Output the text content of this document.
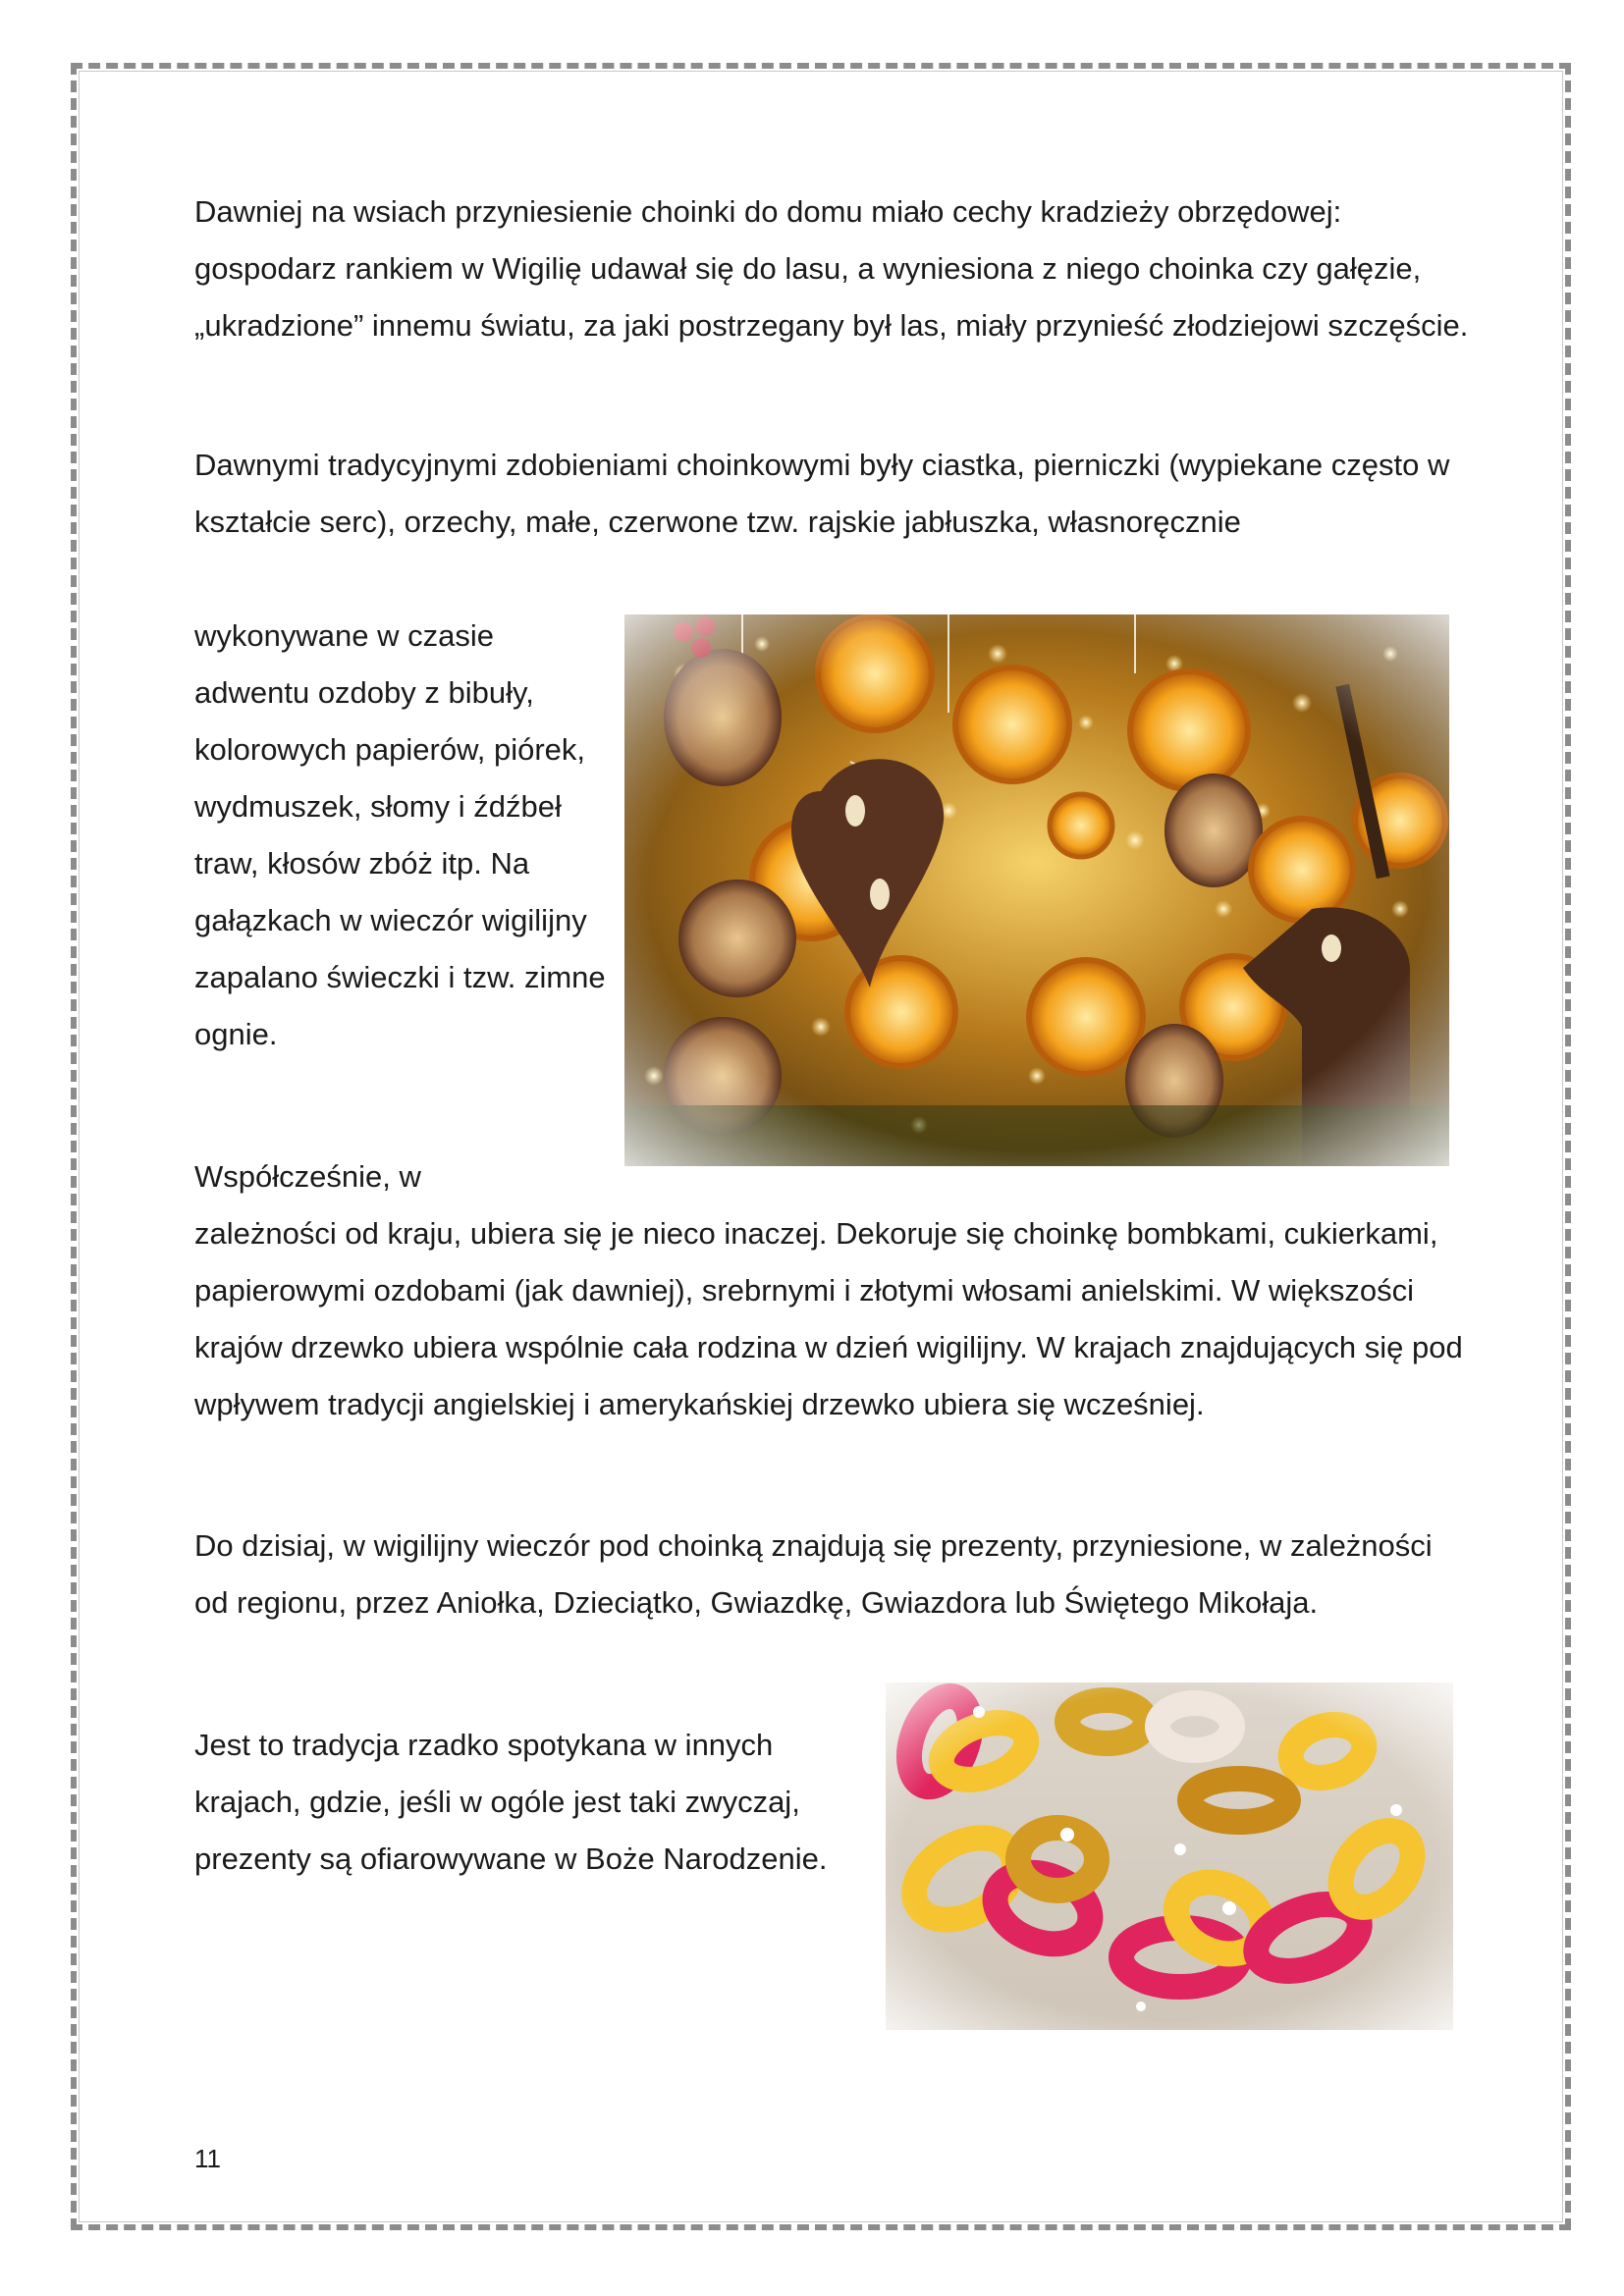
Dawniej na wsiach przyniesienie choinki do domu miało cechy kradzieży obrzędowej: gospodarz rankiem w Wigilię udawał się do lasu, a wyniesiona z niego choinka czy gałęzie, „ukradzione” innemu światu, za jaki postrzegany był las, miały przynieść złodziejowi szczęście.

Dawnymi tradycyjnymi zdobieniami choinkowymi były ciastka, pierniczki (wypiekane często w kształcie serc), orzechy, małe, czerwone tzw. rajskie jabłuszka, własnoręcznie

wykonywane w czasie adwentu ozdoby z bibuły, kolorowych papierów, piórek, wydmuszek, słomy i źdźbeł traw, kłosów zbóż itp. Na gałązkach w wieczór wigilijny zapalano świeczki i tzw. zimne ognie.

Współcześnie, w

zależności od kraju, ubiera się je nieco inaczej. Dekoruje się choinkę bombkami, cukierkami, papierowymi ozdobami (jak dawniej), srebrnymi i złotymi włosami anielskimi. W większości krajów drzewko ubiera wspólnie cała rodzina w dzień wigilijny. W krajach znajdujących się pod wpływem tradycji angielskiej i amerykańskiej drzewko ubiera się wcześniej.

Do dzisiaj, w wigilijny wieczór pod choinką znajdują się prezenty, przyniesione, w zależności od regionu, przez Aniołka, Dzieciątko, Gwiazdkę, Gwiazdora lub Świętego Mikołaja.

Jest to tradycja rzadko spotykana w innych krajach, gdzie, jeśli w ogóle jest taki zwyczaj, prezenty są ofiarowywane w Boże Narodzenie.

11
